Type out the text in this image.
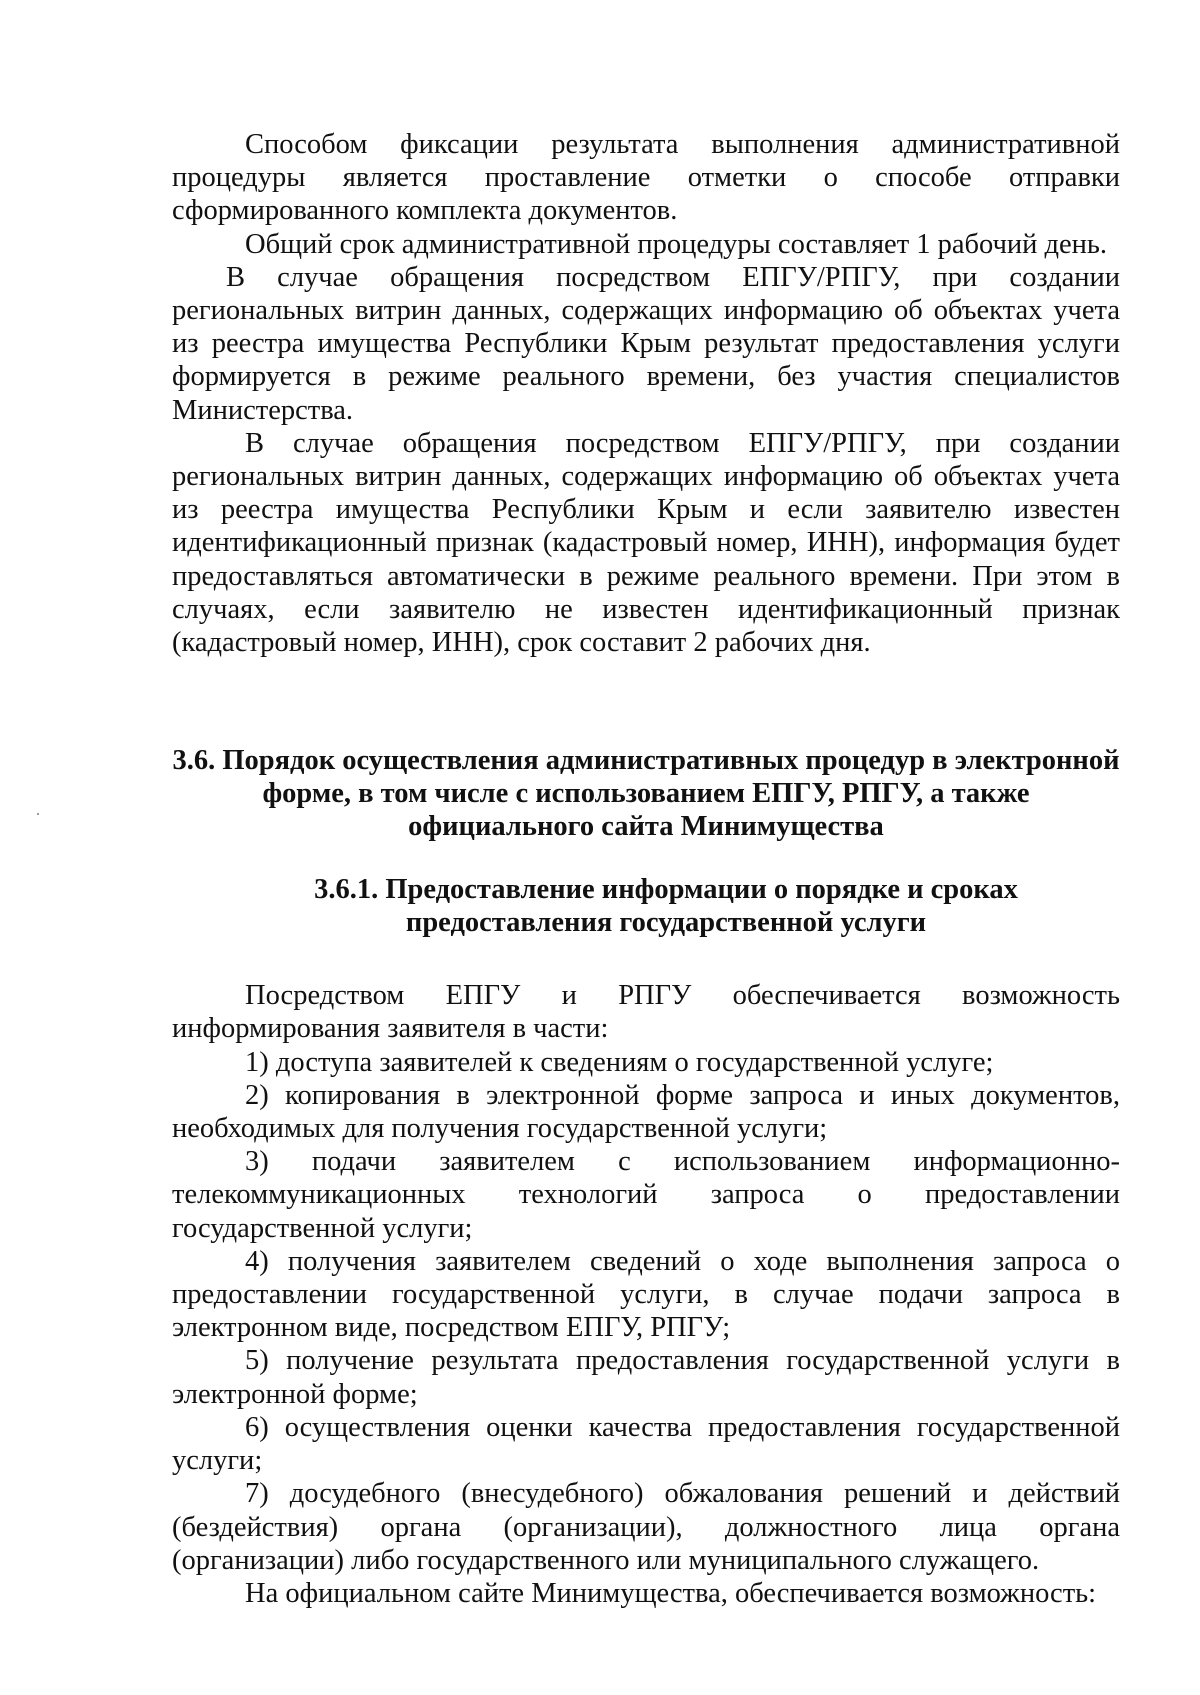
Способом фиксации результата выполнения административной процедуры является проставление отметки о способе отправки сформированного комплекта документов.

Общий срок административной процедуры составляет 1 рабочий день.

В случае обращения посредством ЕПГУ/РПГУ, при создании региональных витрин данных, содержащих информацию об объектах учета из реестра имущества Республики Крым результат предоставления услуги формируется в режиме реального времени, без участия специалистов Министерства.

В случае обращения посредством ЕПГУ/РПГУ, при создании региональных витрин данных, содержащих информацию об объектах учета из реестра имущества Республики Крым и если заявителю известен идентификационный признак (кадастровый номер, ИНН), информация будет предоставляться автоматически в режиме реального времени. При этом в случаях, если заявителю не известен идентификационный признак (кадастровый номер, ИНН), срок составит 2 рабочих дня.

3.6. Порядок осуществления административных процедур в электронной форме, в том числе с использованием ЕПГУ, РПГУ, а также официального сайта Минимущества

3.6.1. Предоставление информации о порядке и сроках предоставления государственной услуги

Посредством ЕПГУ и РПГУ обеспечивается возможность информирования заявителя в части:

1) доступа заявителей к сведениям о государственной услуге;

2) копирования в электронной форме запроса и иных документов, необходимых для получения государственной услуги;

3) подачи заявителем с использованием информационно-телекоммуникационных технологий запроса о предоставлении государственной услуги;

4) получения заявителем сведений о ходе выполнения запроса о предоставлении государственной услуги, в случае подачи запроса в электронном виде, посредством ЕПГУ, РПГУ;

5) получение результата предоставления государственной услуги в электронной форме;

6) осуществления оценки качества предоставления государственной услуги;

7) досудебного (внесудебного) обжалования решений и действий (бездействия) органа (организации), должностного лица органа (организации) либо государственного или муниципального служащего.

На официальном сайте Минимущества, обеспечивается возможность:
